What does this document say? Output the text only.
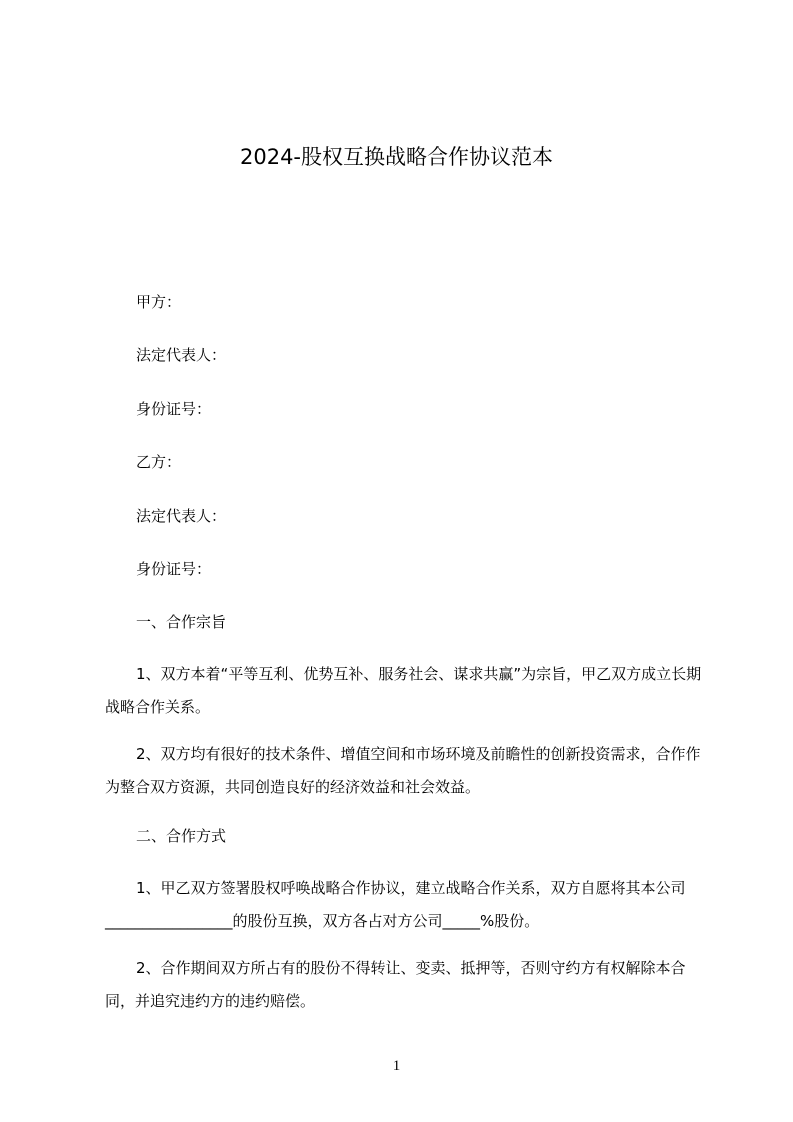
2024-股权互换战略合作协议范本
甲方：
法定代表人：
身份证号：
乙方：
法定代表人：
身份证号：
一、合作宗旨
1、双方本着“平等互利、优势互补、服务社会、谋求共赢”为宗旨，甲乙双方成立长期战略合作关系。
2、双方均有很好的技术条件、增值空间和市场环境及前瞻性的创新投资需求，合作作为整合双方资源，共同创造良好的经济效益和社会效益。
二、合作方式
1、甲乙双方签署股权呼唤战略合作协议，建立战略合作关系，双方自愿将其本公司_________________的股份互换，双方各占对方公司_____%股份。
2、合作期间双方所占有的股份不得转让、变卖、抵押等，否则守约方有权解除本合同，并追究违约方的违约赔偿。
1
